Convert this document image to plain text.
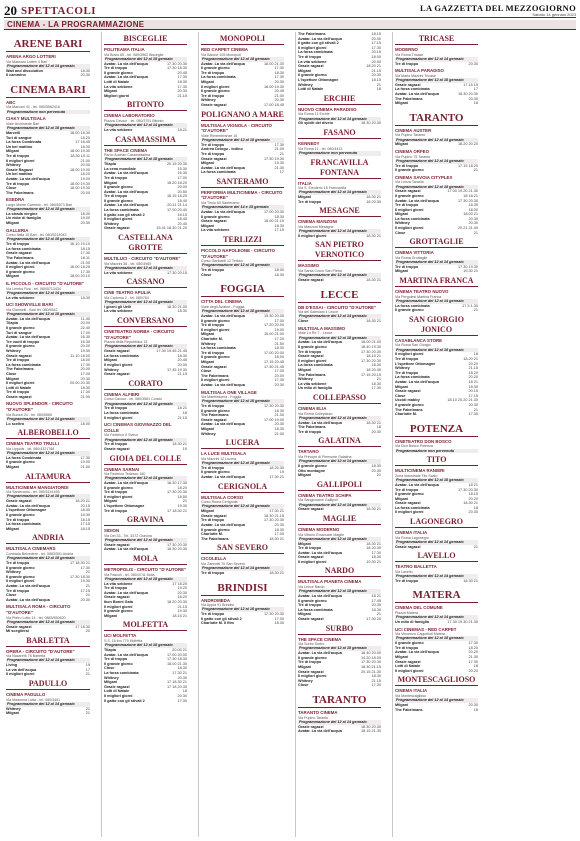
20 SPETTACOLI	LA GAZZETTA DEL MEZZOGIORNO
Sabato 14 gennaio 2023
CINEMA - LA PROGRAMMAZIONE
ARENE BARI
ARENA ARGO LOTTERI
Via Massaro Lotteri 4 Bari
Programmazione del 12 al 14 gennaio
Wait and dissolution	18.30
Il cammino	20.30
CINEMA BARI
ABC
Via Marconi 41 - tel. 080/5562416
Programmazione non pervenuta
CIAKY MULTISALA
Viale Archimede Bari
Programmazione del 12 al 18 gennaio
Marcelli	18.00 18.30
Tori di sangue	18.20
La forza Combinata	17 18.45
Un bel mattino	18.00
Milgani	18.00 19.30
Tre di troppo	18.30 19.11
Il migliori giorni	21.00
Whitney	20.00
Grazie Ragazzi	18.00 19.00
Un bel mattino	18.20
Avatar. La via dell'acqua	19.00
Tre di troppo	18.00 19.30
Close	18.00 19.30
The Fabelmans	20.00
ESEDRA
Largo Monte Carmelo - tel. 080/5573 Bari
Programmazione del 12 al 18 gennaio
La strada vergine	18.00
Un ebbe di famiglia	19.00
Milgani	20.30
GALLERIA
Corso Italia 15 Bari - tel. 080/5214043
Programmazione del 12 al 18 gennaio
Tre di troppo	16.10 19.10
La forza combinata	18.15
Grazie ragazzi	17.30
The Fabelmans	16.11
Avatar. La via dell'acqua	21.00
Il migliori giorni	16.00 18.25
Il grande giorno	17.30
Milgani	18.00 20.10
IL PICCOLO - CIRCUITO "D'AUTORE"
Via Lembo Fusi - tel. 080/5713434
Programmazione del 12 al 14 gennaio
La vita sebbene	18.30
UCI SHOWVILLE BARI
Via Giannelli - Bari tel. 080/5542
Programmazione del 12 al 18 gennaio
Avatar. La via dell'acqua	11.40
Tilapia	20.00
Il grande giorno	22.40
Tori di sangue	17.00
Avatar. La via dell'acqua	16.30
Tre vuoti di troppo	16.30
Il grande giorno	20.00
Whitney	19.30
Grazie ragazzi	11.10 18.00
Tre di troppo	18.00
La forza combinata	17.30
The Fabelmans	20.00
Close	17.00
Milgani	20.30
Il migliori giorni	20.00 20.30
Lotti di Natale	18.30
Tre di troppo	17.30
Grazie ragazzi	21.00
NUOVO SPLENDOR - CIRCUITO "D'AUTORE"
Via Buozzi 24 - tel. 080/5565
Programmazione del 12 al 14 gennaio
Lo sceltro	18.00
ALBEROBELLO
CINEMA TEATRO TRULLI
Via Lippolis - tel. 080/4321788
Programmazione del 12 al 14 gennaio
La forza Combinata	17.30
Il grande giorno	19.00
Milgani	21.00
ALTAMURA
MULTICINEMA MANGIATORDI
Via Santeramo - tel. 080/3141455
Programmazione del 12 al 18 gennaio
Grazie ragazzi	18.20 21
Avatar. La via dell'acqua	20.15
L'ispettore Ottomagne	18.30
Il grande giorno	18.30
Tre di troppo	18.15
La forza combinata	17.15
Milgani	18.15
ANDRIA
MULTISALA CINEMARS
Contrada Belvedere - tel. 0883/551 Andria
Programmazione del 12 al 18 gennaio
Tre di troppo	17 18.30 21
Il grande giorno	17.30
Whitney	21
Il grande giorno	17.30 18.30
Il migliori giorni	19.30
Avatar. La via dell'acqua	21
Tre di troppo	17.15
Close	21
Avatar. La via dell'acqua	20.30
MULTISALA ROMA - CIRCUITO "D'AUTORE"
Via Pietro Lotto 14 - tel. 0883/550620
Programmazione del 12 al 14 gennaio
Grazie ragazzi	17 18.30
Mi sceglierai	20
BARLETTA
OPERA - CIRCUITO "D'AUTORE"
Via Nazareth 76 Barletta
Programmazione del 12 al 14 gennaio
Living	19
La via dell'acqua	17
Il migliori giorni	21
PADULLO
CINEMA PADULLO
Via Madonna Lotta - tel. 080/3451
Programmazione del 12 al 14 gennaio
Whitney	21
Milgani	21
BISCEGLIE
POLITEAMA ITALIA
Via Bovio 65 - tel. 080/3962 Bisceglie
Programmazione del 12 al 18 gennaio
Avatar. La via dell'acqua	17.30 20.30
Tre di troppo	17.30 18.30
Il grande giorno	20.45
Avatar. La via dell'acqua	17.30
Lotti di Natale	18.30
La vita sebbene	17.30
Milgani	20.30
Migliori giorni	21.15
BITONTO
CINEMA LABORATORIO
Piazza Cavour - tel. 080/3751 Bitonto
Programmazione del 12 al 14 gennaio
La vita sebbene	18.21
CASAMASSIMA
THE SPACE CINEMA
Parco Auchan Casamassima
Programmazione del 12 al 18 gennaio
Tilapia	20.15 20.30
La cena mondiale	15.30
Avatar. La via dell'acqua	16.30
Tre di troppo	17.00
Milgani	15.20 18.20
Il grande giorno	20.00
Avatar. La via dell'acqua	20.50
Tre di troppo	16.15 18.20
Il grande giorno	18.40
Avatar. La via dell'acqua	20.11 21.14
La forza combinata	17.00 20.40
Il gatto con gli stivali 2	16.15
Il migliori giorni	18.40
Whitney	20.40
Grazie ragazzi	15.41 18.30 21.20
CASTELLANA GROTTE
MULTILUCI - CIRCUITO "D'AUTORE"
Via Mazzini 36 - tel. 080/4965
Programmazione del 12 al 14 gennaio
La vita sebbene	17.30 20.15
CASSANO
CINE TEATRO APULIA
Via Cadorna 2 - tel. 080/764
Programmazione del 12 al 14 gennaio
I giorni gli Uelli	18.30 21.00
La vita sebbene	18.30
CONVERSANO
CINETEATRO NORBA - CIRCUITO "D'AUTORE"
Piazza della Repubblica 15
Programmazione del 12 al 18 gennaio
Grazie ragazzi	17.30 19.45 21.45
La forza combinata	18.30
Milgani	20.45
Il migliori giorni	20.00
Whitney	17.45 19.30
Grazie ragazzi	21.15
CORATO
CINEMA ALFIERI
Corso Cavour - tel. 080/3581 Corato
Programmazione del 12 al 18 gennaio
Tre di troppo	18 21
La forza combinata	18
Il migliori giorni	21.15
UCI CINEMAS GIOVINAZZO DEL COLLE
Via Federico II Svevo
Programmazione del 12 al 18 gennaio
Tre di troppo	18.30 21
Grazie ragazzi	19
GIOIA DEL COLLE
CINEMA SARNAI
Via Federico Tedesco 180
Programmazione del 12 al 14 gennaio
Avatar. La via dell'acqua	16.30 17.30
Il grande giorno	18.20
Tre di troppo	17.30 20.30
Il migliori giorni	18.50
Milgani	21
L'ispettore Ottomagne	19.30
Tre di troppo	17 18.30 21
GRAVINA
SIDION
Via Dei 33 - Tel. 3472 Gravina
Programmazione del 12 al 18 gennaio
Grazie ragazzi	17.30 20.30
Avatar. La via dell'acqua	18.30 20.30
MOLA
METROPOLIS - CIRCUITO "D'AUTORE"
Via Pascoli - tel. 080/4741 Mola
Programmazione del 12 al 18 gennaio
La vita sebbene	17 18.20
Tre di troppo	19.20
Avatar. La via dell'acqua	20.30
Grazie ragazzi	18.20
Ikon Bonni Gala	18.20 20.30
Il migliori giorni	21.15
Il grande giorno	19.30
Milgani	18.15 21
MOLFETTA
UCI MOLFETTA
S.S. 16 km 779 Molfetta
Programmazione del 12 al 18 gennaio
Tilapia	20.00 21
Avatar. La via dell'acqua	17.00 20.00
Tre di troppo	17.30 18.30
Il grande giorno	18.00 21.30
Close	18.30
La forza combinata	17.30 21
Whitney	20.30
Milgani	17 18.30 21
Grazie ragazzi	17 18 20.30
Lotti di Natale	18
Il migliori giorni	20.30
Il gatto con gli stivali 2	17.30
MONOPOLI
RED CARPET CINEMA
Via Baione 105 Monopoli
Programmazione del 12 al 18 gennaio
Avatar. La via dell'acqua	18.00 21.30
Il grande giorno	17.30
Tre di troppo	18.30
La forza combinata	17.30
Milgani	20.30
Il migliori giorni	18.00 19.30
Il grande giorno	20.45
Tre di troppo	21.00
Whitney	20.30
Grazie ragazzi	17.00 18.45
POLIGNANO A MARE
MULTISALA VIGNOLA - CIRCUITO "D'AUTORE"
Viale Rimembranze 15
Programmazione del 12 al 18 gennaio
Tre di troppo	17.30
Andrea Delogu - Iodino	21.00
Tre di troppo	21
Grazie ragazzi	17.30 19.30
Milgani	19.30
Avatar. La via dell'acqua	21.30
La forza combinata	17
SANTERAMO
PERFORMA MULTICINEMA - CIRCUITO "D'AUTORE"
Via Tirolo 60 Santeramo
Programmazione del 14 e 15 gennaio
Avatar. La via dell'acqua	17.00 20.30
Il grande giorno	18.30
Grazie ragazzi	18.00 21.15
Milgani	18.30
La vita sebbene	17.15
TERLIZZI
PICCOLO NAPOLEONE - CIRCUITO "D'AUTORE"
Corso Garibaldi 12 Terlizzi
Programmazione del 12 al 18 gennaio
Tre di troppo	18.00
Close	18.30
FOGGIA
CITTA DEL CINEMA
Viale degli Aviatori - Foggia
Programmazione del 12 al 18 gennaio
Avatar. La via dell'acqua	15.30 20.00
Il grande giorno	17.00
Tre di troppo	17.20 20.00
Il migliori giorni	19.00
Milgani	15.00 21.00
Charlotte M.	17.20
Whitney	21.50
La forza combinata	18.30
Tre di troppo	17.00 20.00
Il grande giorno	18.00
Milgani	17.15 20.45
Grazie ragazzi	17.30 21.45
Close	17.00
The Fabelmans	20.00
Il migliori giorni	17.30
Avatar. La via dell'acqua	20.30
MULTISALA ONE VILLAGE
Via Manfredonia - Foggia
Programmazione del 12 al 18 gennaio
Tre di troppo	17.30 20.30
Il grande giorno	18.30
The Fabelmans	21.00
Grazie ragazzi	17.00 19.00
Avatar. La via dell'acqua	20.30
Milgani	18.30
Whitney	21.00
LUCERA
LA LUCE MULTISALA
Via Mazzini 12 Lucera
Programmazione del 12 al 18 gennaio
Tre di troppo	18 20.30
Il grande giorno	19
Avatar. La via dell'acqua	17.30 21
CERIGNOLA
MULTISALA CORSO
Corso Roma Cerignola
Programmazione del 12 al 18 gennaio
Milgani	17.30 21
Grazie ragazzi	18.30 21.15
Tre di troppo	17.30 20.30
Avatar. La via dell'acqua	20.30
Il grande giorno	18.30
Charlotte M.	17.00
The Fabelmans	18.30 21
SAN SEVERO
CICOLELLA
Via Zannotti 70 San Severo
Programmazione del 12 al 14 gennaio
Tre di troppo	18.30 21
BRINDISI
ANDROMEDA
Via Appia 91 Brindisi
Programmazione del 12 al 18 gennaio
Tre di troppo	17.30 20.30
Il gatto con gli stivali 2	17.00
Charlotte M. Il film	18.30
The Fabelmans	18.15
Avatar. La via dell'acqua	20.00
Il gatto con gli stivali 2	17.15
Il migliori giorni	17.30
La forza combinata	20.15
Tre di troppo	18.00
La vita sebbene	20.00
Grazie ragazzi	18.20 21
Milgani	21.15
Il grande giorno	20.30
L'ispettore Ottomagne	18.15
Whitney	21
Lotti di Natale	18
ERCHIE
NUOVO CINEMA PARADISO
Via Roma 11 Erchie
Programmazione del 12 al 14 gennaio
Gli spiriti del divelo	18.30 20.30
FASANO
KENNEDY
Via Roma 11 - tel. 080/4413
Programmazione non pervenuta
FRANCAVILLA FONTANA
ITALIA
Via S. Eleuterio 16 Francavilla
Programmazione del 12 al 14 gennaio
Milgani	18.30 21
Tre di troppo	18 20.30
MESAGNE
CINEMA MANZONI
Via Manzoni Mesagne
Programmazione del 12 al 14 gennaio
Il migliori giorni	18.30 21
SAN PIETRO VERNOTICO
MASSIMO
Via Santa Croce San Pietro
Programmazione del 12 al 14 gennaio
Grazie ragazzi	18.30 21
LECCE
DB D'ESSAI - CIRCUITO "D'AUTORE"
Via dei Salesiani 4 Lecce
Programmazione del 12 al 14 gennaio
Close	18.30 21
MULTISALA MASSIMO
Viale Lo Re 7 - Lecce
Programmazione del 12 al 18 gennaio
Avatar. La via dell'acqua	18.00 21.00
Il grande giorno	18.40 19.30
Tre di troppo	17.30 20.30
Grazie ragazzi	18.15 21
Il migliori giorni	17.30 20.30
La forza combinata	18.30
Milgani	18 20.30
The Fabelmans	17.15 20.15
Whitney	21
La vita sebbene	18.30
Un mito di famiglia	17.30
COLLEPASSO
CINEMA ELIA
Via Roma Collepasso
Programmazione del 12 al 14 gennaio
Avatar. La via dell'acqua	18.30 21
The Fabelmans	18
Tre di troppo	20.30
GALATINA
TARTARO
Via Principe di Piemonte Galatina
Programmazione del 12 al 14 gennaio
Il grande giorno	18.30
Otto montagne	20.30
Milgani	21
GALLIPOLI
CINEMA TEATRO SCHIPA
Via Sangiovanni Gallipoli
Programmazione del 12 al 14 gennaio
Grazie ragazzi	18.30 21
MAGLIE
CINEMA MODERNO
Via Vittorio Emanuele Maglie
Programmazione del 12 al 18 gennaio
Milgani	18.30 21
Tre di troppo	18 20.30
Avatar. La via dell'acqua	17.30
Grazie ragazzi	18.30
Il migliori giorni	19.30 21
NARDO
MULTISALA PIANETA CINEMA
Via Lecce Nardo
Programmazione del 12 al 18 gennaio
Avatar. La via dell'acqua	18 21
Il grande giorno	17.45
Tre di troppo	20.30
La forza combinata	18.30
Milgani	21
Grazie ragazzi	17.30 20
SURBO
THE SPACE CINEMA
Via Surbo Surbo
Programmazione del 12 al 18 gennaio
Avatar. La via dell'acqua	16.40 20.00
Il grande giorno	14.20 18.00
Tre di troppo	17.30 20.30
Milgani	18.30 21.15
Grazie ragazzi	20.15 21.30
Il migliori giorni	18.30
Whitney	21.15
Close	17.30
TARANTO
TARANTO CINEMA
Via Pupino Taranto
Programmazione del 12 al 14 gennaio
Grazie ragazzi	18.30 20.30
Avatar. La via dell'acqua	18.15 21.30
TRICASE
MODERNO
Via Roma Tricase
Programmazione del 12 al 14 gennaio
Tre di troppo	20.30
MULTISALA PARADISO
Via Mario Mazzini Tricase
Programmazione del 12 al 18 gennaio
Grazie ragazzi	17.15 19
La forza combinata	17
Avatar. La via dell'acqua	18.30 20.30
The Fabelmans	20.30
Milgani	18
TARANTO
CINEMA AUSTER
Via Pupino Taranto
Programmazione del 12 al 14 gennaio
Milgani	18.20 20.20
CINEMA ORFEO
Via Pupino 75 Taranto
Programmazione del 12 al 14 gennaio
Tre di troppo	17.15 18.20
Il grande giorno	21
CINEMA SAVOIA CITYPLEX
Via Lenza Taranto
Programmazione del 12 al 18 gennaio
Grazie ragazzi	17.00 19.20 21.30
Il grande giorno	18 18.21
Avatar. La via dell'acqua	17.30 20.30
Tre di troppo	18.30
Il migliori giorni	18.00
Milgani	18.00 21
La forza combinata	20.30
Whitney	20.30
Il migliori giorni	20.21 21.40
Close	21
GROTTAGLIE
CINEMA VITTORIA
Via Roma Grottaglie
Programmazione del 12 al 14 gennaio
Tre di troppo	17.30 19.30
Milgani	19.30 21
MARTINA FRANCA
CINEMA TEATRO NUOVO
Via Pergolesi Martina Franca
Programmazione del 12 al 14 gennaio
La forza combinata	17.3 1.30
Il grande giorno	21
SAN GIORGIO JONICO
CASABLANCA STORE
Via Roma San Giorgio
Programmazione del 12 al 18 gennaio
Il migliori giorni	18
Tre di troppo	18.20 21
L'ispettore Ottomagne	20.20
Whitney	21.15
Tre di troppo	18.20
La forza combinata	20.20
Avatar. La via dell'acqua	18 21
Milgani	18.30
Grazie ragazzi	20.15
Close	17.15
Uccidi mabby	18.10 20.20 21.30
Il grande giorno	20.30
The Fabelmans	21
Charlotte M.	17.30
POTENZA
CINETEATRO DON BOSCO
Via Don Bosco Potenza
Programmazione non pervenuta
TITO
MULTICINEMA RANIERI
Zona industriale Tito Scalo
Programmazione del 12 al 18 gennaio
Avatar. La via dell'acqua	18 21
Tre di troppo	17.30 20.30
Il grande giorno	18.15
Milgani	20.20
Grazie ragazzi	18.30 21
La forza combinata	18
Il migliori giorni	20.30
LAGONEGRO
CINEMA ITALIA
Via Roma Lagonegro
Programmazione del 12 al 14 gennaio
Grazie ragazzi	21
LAVELLO
TEATRO BALLETTA
Via Lavello
Programmazione del 12 al 14 gennaio
Tre di troppo	18.30 21
MATERA
CINEMA DEL COMUNE
Piazza Matera
Programmazione del 12 al 14 gennaio
Un mito di famiglia	17.30 19.30 21.30
UCI CINEMAS - RED CARPET
Via Vincenzo Cappelluti Matera
Programmazione del 12 al 18 gennaio
Il grande giorno	17.30
Tre di troppo	18.20
Avatar. La via dell'acqua	20.20
Milgani	21.30
Grazie ragazzi	17.30
Lotti di Natale	18
Il migliori giorni	20.20
MONTESCAGLIOSO
CINEMA ITALIA
Via Montescaglioso
Programmazione del 12 al 14 gennaio
Milgani	20.30
The Fabelmans	18
